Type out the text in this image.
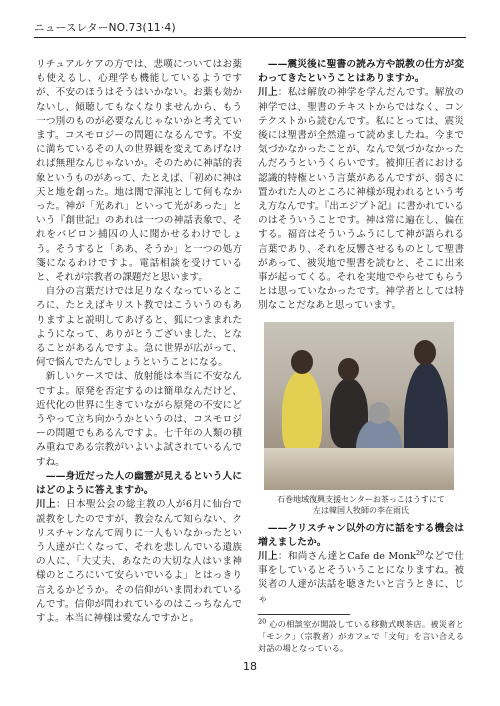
ニュースレターNO.73(11·4)

リチュアルケアの方では、悲嘆についてはお薬も使えるし、心理学も機能しているようですが、不安のほうはそうはいかない。お薬も効かないし、傾聴してもなくなりませんから、もう一つ別のものが必要なんじゃないかと考えています。コスモロジーの問題になるんです。不安に満ちているその人の世界観を変えてあげなければ無理なんじゃないか。そのために神話的表象というものがあって、たとえば、「初めに神は天と地を創った。地は闇で渾沌として何もなかった。神が「光あれ」といって光があった」という『創世記』のあれは一つの神話表象で、それをバビロン捕囚の人に聞かせるわけでしょう。そうすると「ああ、そうか」と一つの処方箋になるわけですよ。電話相談を受けていると、それが宗教者の課題だと思います。

自分の言葉だけでは足りなくなっているところに、たとえばキリスト教ではこういうのもありますよと説明してあげると、狐につままれたようになって、ありがとうございました、となることがあるんですよ。急に世界が広がって、何で悩んでたんでしょうということになる。

新しいケースでは、放射能は本当に不安なんですよ。原発を否定するのは簡単なんだけど、近代化の世界に生きていながら原発の不安にどうやって立ち向かうかというのは、コスモロジーの問題でもあるんですよ。七千年の人類の積み重ねである宗教がいよいよ試されているんですね。

——身近だった人の幽霊が見えるという人にはどのように答えますか。

川上：日本聖公会の総主教の人が6月に仙台で説教をしたのですが、教会なんて知らない、クリスチャンなんて周りに一人もいなかったという人達が亡くなって、それを悲しんでいる遺族の人に、「大丈夫、あなたの大切な人はいま神様のところにいて安らいでいるよ」とはっきり言えるかどうか。その信仰がいま問われているんです。信仰が問われているのはこっちなんですよ。本当に神様は愛なんですかと。

——震災後に聖書の読み方や説教の仕方が変わってきたということはありますか。

川上：私は解放の神学を学んだんです。解放の神学では、聖書のテキストからではなく、コンテクストから読むんです。私にとっては、震災後には聖書が全然違って読めましたね。今まで気づかなかったことが、なんで気づかなかったんだろうというくらいです。被抑圧者における認識的特権という言葉があるんですが、弱さに置かれた人のところに神様が現われるという考え方なんです。『出エジプト記』に書かれているのはそういうことです。神は常に遍在し、偏在する。福音はそういうふうにして神が語られる言葉であり、それを反響させるものとして聖書があって、被災地で聖書を読むと、そこに出来事が起ってくる。それを実地でやらせてもらうとは思っていなかったです。神学者としては特別なことだなあと思っています。

石巻地域復興支援センターお茶っこはうすにて
左は韓国人牧師の李在雨氏

——クリスチャン以外の方に話をする機会は増えましたか。

川上：和尚さん達とCafe de Monk$^{20}$などで仕事をしているとそういうことになりますね。被災者の人達が法話を聴きたいと言うときに、じゃ

$^{20}$ 心の相談室が開設している移動式喫茶店。被災者と「モンク」（宗教者）がカフェで「文句」を言い合える対話の場となっている。
18
